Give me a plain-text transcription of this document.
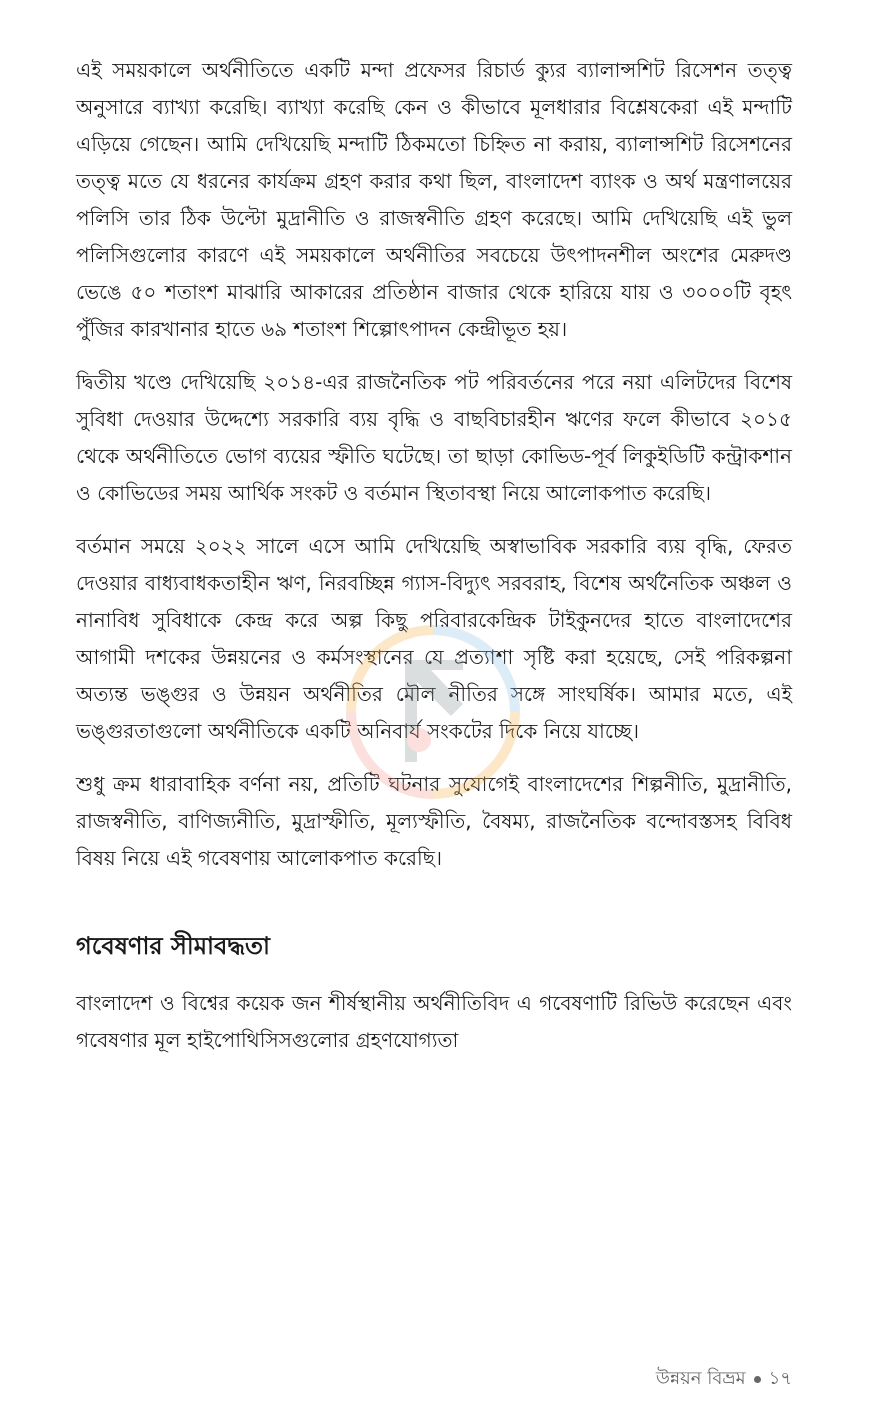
এই সময়কালে অর্থনীতিতে একটি মন্দা প্রফেসর রিচার্ড ক্যুর ব্যালান্সশিট রিসেশন তত্ত্ব অনুসারে ব্যাখ্যা করেছি। ব্যাখ্যা করেছি কেন ও কীভাবে মূলধারার বিশ্লেষকেরা এই মন্দাটি এড়িয়ে গেছেন। আমি দেখিয়েছি মন্দাটি ঠিকমতো চিহ্নিত না করায়, ব্যালান্সশিট রিসেশনের তত্ত্ব মতে যে ধরনের কার্যক্রম গ্রহণ করার কথা ছিল, বাংলাদেশ ব্যাংক ও অর্থ মন্ত্রণালয়ের পলিসি তার ঠিক উল্টো মুদ্রানীতি ও রাজস্বনীতি গ্রহণ করেছে। আমি দেখিয়েছি এই ভুল পলিসিগুলোর কারণে এই সময়কালে অর্থনীতির সবচেয়ে উৎপাদনশীল অংশের মেরুদণ্ড ভেঙে ৫০ শতাংশ মাঝারি আকারের প্রতিষ্ঠান বাজার থেকে হারিয়ে যায় ও ৩০০০টি বৃহৎ পুঁজির কারখানার হাতে ৬৯ শতাংশ শিল্পোৎপাদন কেন্দ্রীভূত হয়।

দ্বিতীয় খণ্ডে দেখিয়েছি ২০১৪-এর রাজনৈতিক পট পরিবর্তনের পরে নয়া এলিটদের বিশেষ সুবিধা দেওয়ার উদ্দেশ্যে সরকারি ব্যয় বৃদ্ধি ও বাছবিচারহীন ঋণের ফলে কীভাবে ২০১৫ থেকে অর্থনীতিতে ভোগ ব্যয়ের স্ফীতি ঘটেছে। তা ছাড়া কোভিড-পূর্ব লিকুইডিটি কন্ট্রাকশান ও কোভিডের সময় আর্থিক সংকট ও বর্তমান স্থিতাবস্থা নিয়ে আলোকপাত করেছি।

বর্তমান সময়ে ২০২২ সালে এসে আমি দেখিয়েছি অস্বাভাবিক সরকারি ব্যয় বৃদ্ধি, ফেরত দেওয়ার বাধ্যবাধকতাহীন ঋণ, নিরবচ্ছিন্ন গ্যাস-বিদ্যুৎ সরবরাহ, বিশেষ অর্থনৈতিক অঞ্চল ও নানাবিধ সুবিধাকে কেন্দ্র করে অল্প কিছু পরিবারকেন্দ্রিক টাইকুনদের হাতে বাংলাদেশের আগামী দশকের উন্নয়নের ও কর্মসংস্থানের যে প্রত্যাশা সৃষ্টি করা হয়েছে, সেই পরিকল্পনা অত্যন্ত ভঙ্গুর ও উন্নয়ন অর্থনীতির মৌল নীতির সঙ্গে সাংঘর্ষিক। আমার মতে, এই ভঙ্গুরতাগুলো অর্থনীতিকে একটি অনিবার্য সংকটের দিকে নিয়ে যাচ্ছে।

শুধু ক্রম ধারাবাহিক বর্ণনা নয়, প্রতিটি ঘটনার সুযোগেই বাংলাদেশের শিল্পনীতি, মুদ্রানীতি, রাজস্বনীতি, বাণিজ্যনীতি, মুদ্রাস্ফীতি, মূল্যস্ফীতি, বৈষম্য, রাজনৈতিক বন্দোবস্তসহ বিবিধ বিষয় নিয়ে এই গবেষণায় আলোকপাত করেছি।

গবেষণার সীমাবদ্ধতা

বাংলাদেশ ও বিশ্বের কয়েক জন শীর্ষস্থানীয় অর্থনীতিবিদ এ গবেষণাটি রিভিউ করেছেন এবং গবেষণার মূল হাইপোথিসিসগুলোর গ্রহণযোগ্যতা

উন্নয়ন বিভ্রম ১৭
